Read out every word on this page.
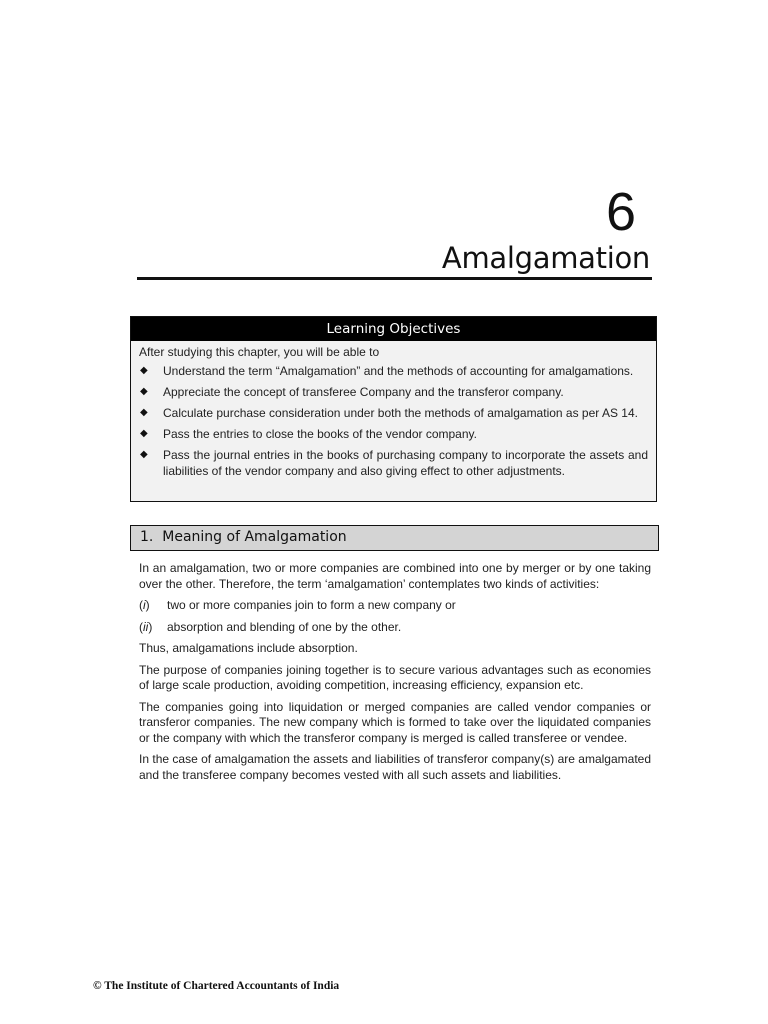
6
Amalgamation
Learning Objectives
After studying this chapter, you will be able to
◆ Understand the term “Amalgamation” and the methods of accounting for amalgamations.
◆ Appreciate the concept of transferee Company and the transferor company.
◆ Calculate purchase consideration under both the methods of amalgamation as per AS 14.
◆ Pass the entries to close the books of the vendor company.
◆ Pass the journal entries in the books of purchasing company to incorporate the assets and liabilities of the vendor company and also giving effect to other adjustments.
1.  Meaning of Amalgamation

In an amalgamation, two or more companies are combined into one by merger or by one taking over the other. Therefore, the term ‘amalgamation’ contemplates two kinds of activities:

(i)	two or more companies join to form a new company or
(ii)	absorption and blending of one by the other.

Thus, amalgamations include absorption.

The purpose of companies joining together is to secure various advantages such as economies of large scale production, avoiding competition, increasing efficiency, expansion etc.

The companies going into liquidation or merged companies are called vendor companies or transferor companies. The new company which is formed to take over the liquidated companies or the company with which the transferor company is merged is called transferee or vendee.

In the case of amalgamation the assets and liabilities of transferor company(s) are amalgamated and the transferee company becomes vested with all such assets and liabilities.

© The Institute of Chartered Accountants of India
